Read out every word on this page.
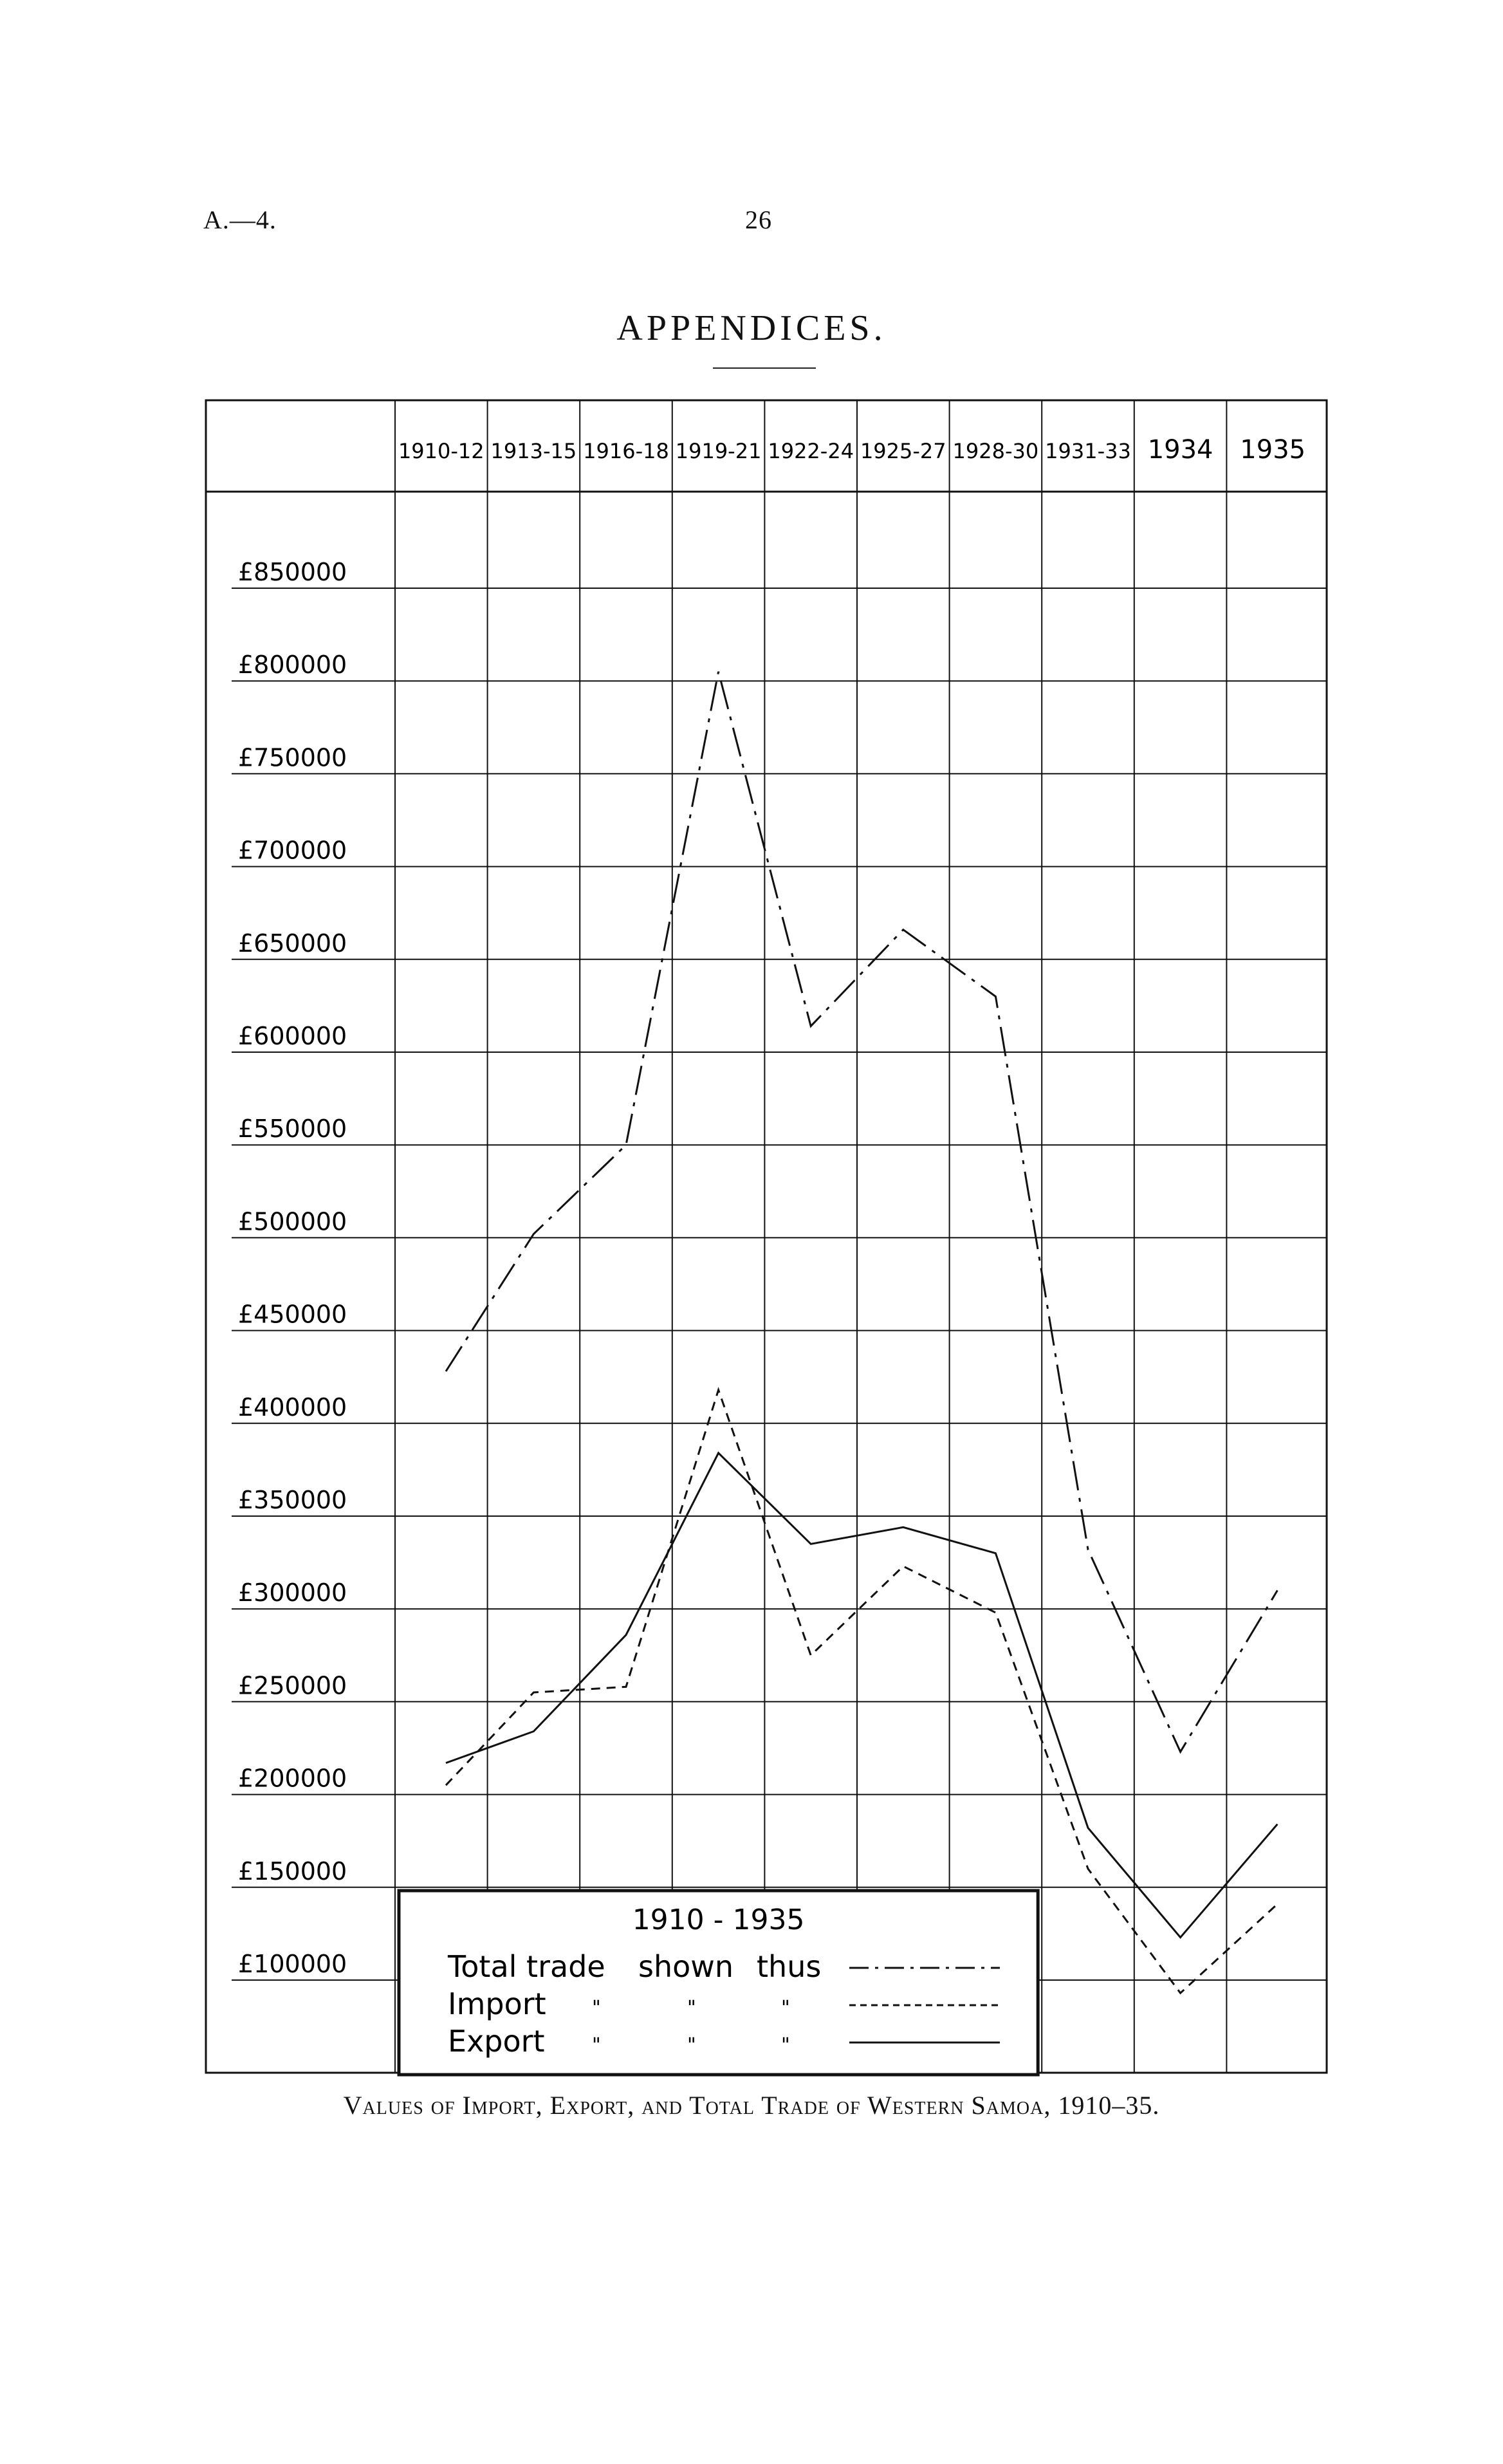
A.—4.	26
APPENDICES.
1910-12 1913-15 1916-18 1919-21 1922-24 1925-27 1928-30 1931-33 1934 1935
£850000
£800000
£750000
£700000
£650000
£600000
£550000
£500000
£450000
£400000
£350000
£300000
£250000
£200000
£150000
£100000
1910 - 1935
Total trade shown thus
Import "	"	"
Export "	"	"
Values of Import, Export, and Total Trade of Western Samoa, 1910–35.
